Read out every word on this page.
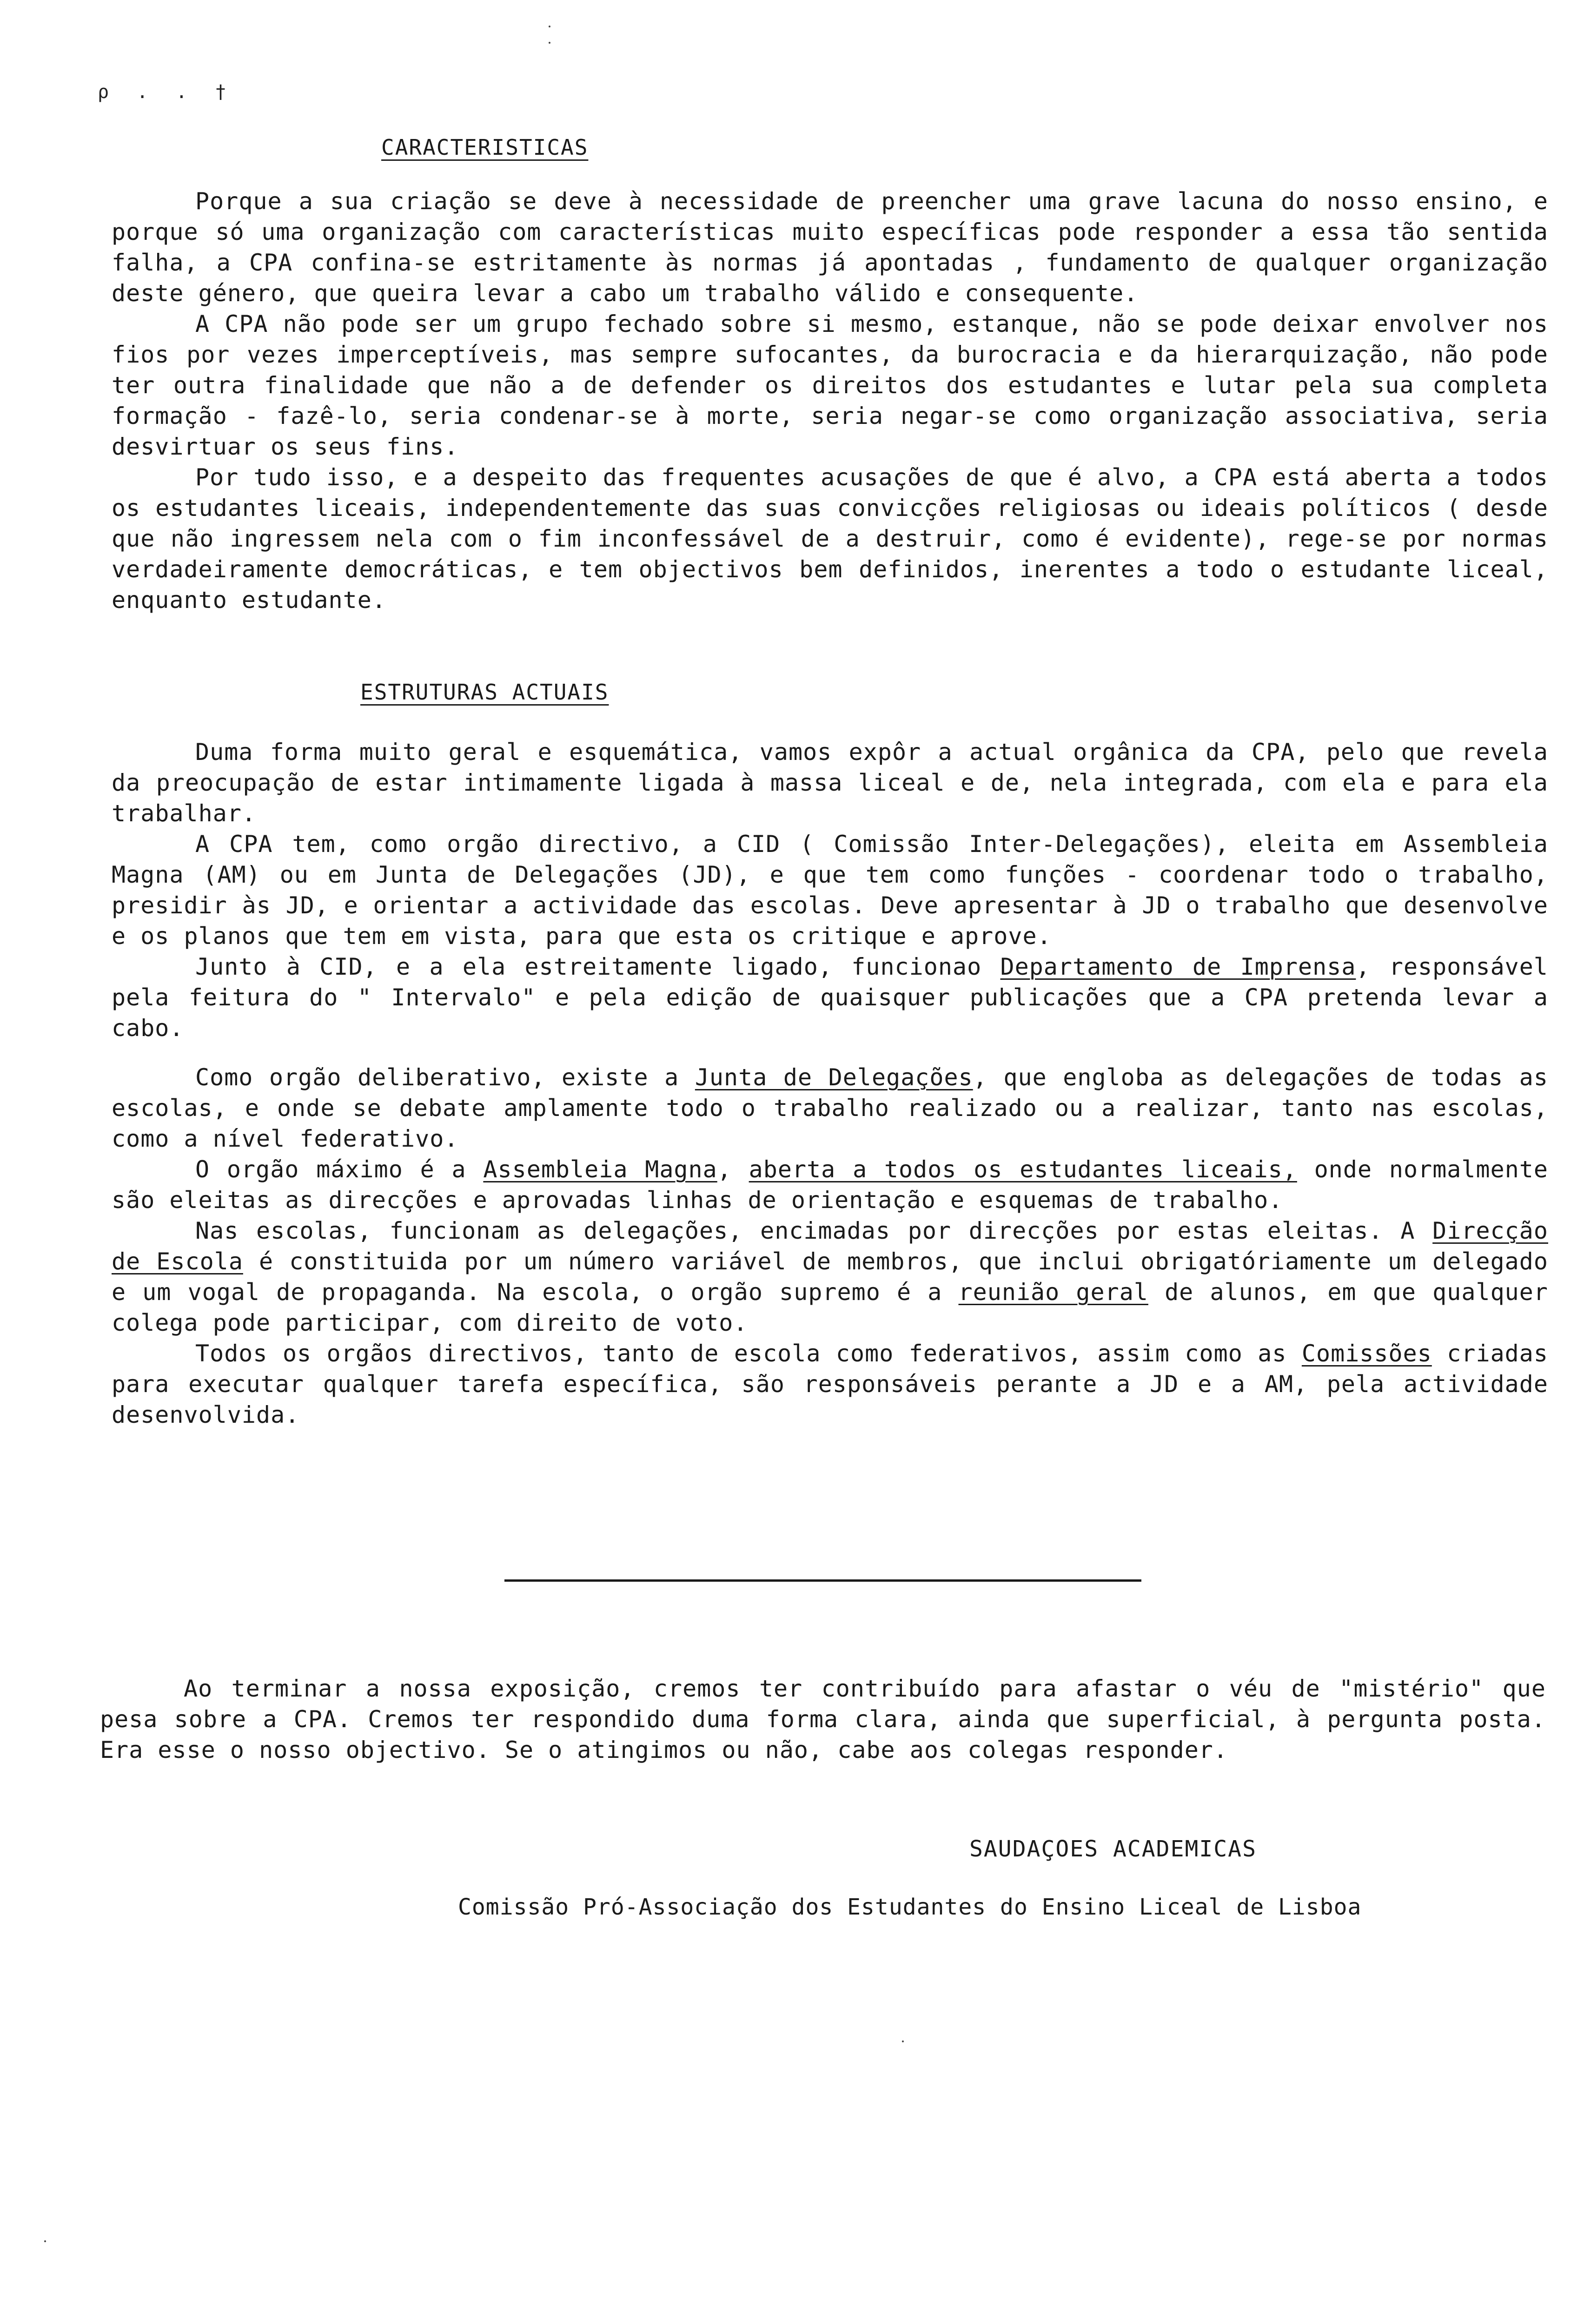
ρ . . †
CARACTERISTICAS

Porque a sua criação se deve à necessidade de preencher uma grave lacuna do nosso ensino, e porque só uma organização com características muito específicas pode responder a essa tão sentida falha, a CPA confina-se estritamente às normas já apontadas , fundamento de qualquer organização deste género, que queira levar a cabo um trabalho válido e consequente.

A CPA não pode ser um grupo fechado sobre si mesmo, estanque, não se pode deixar envolver nos fios por vezes imperceptíveis, mas sempre sufocantes, da burocracia e da hierarquização, não pode ter outra finalidade que não a de defender os direitos dos estudantes e lutar pela sua completa formação - fazê-lo, seria condenar-se à morte, seria negar-se como organização associativa, seria desvirtuar os seus fins.

Por tudo isso, e a despeito das frequentes acusações de que é alvo, a CPA está aberta a todos os estudantes liceais, independentemente das suas convicções religiosas ou ideais políticos ( desde que não ingressem nela com o fim inconfessável de a destruir, como é evidente), rege-se por normas verdadeiramente democráticas, e tem objectivos bem definidos, inerentes a todo o estudante liceal, enquanto estudante.

ESTRUTURAS ACTUAIS

Duma forma muito geral e esquemática, vamos expôr a actual orgânica da CPA, pelo que revela da preocupação de estar intimamente ligada à massa liceal e de, nela integrada, com ela e para ela trabalhar.

A CPA tem, como orgão directivo, a CID ( Comissão Inter-Delegações), eleita em Assembleia Magna (AM) ou em Junta de Delegações (JD), e que tem como funções - coordenar todo o trabalho, presidir às JD, e orientar a actividade das escolas. Deve apresentar à JD o trabalho que desenvolve e os planos que tem em vista, para que esta os critique e aprove.

Junto à CID, e a ela estreitamente ligado, funcionao Departamento de Imprensa, responsável pela feitura do " Intervalo" e pela edição de quaisquer publicações que a CPA pretenda levar a cabo.

Como orgão deliberativo, existe a Junta de Delegações, que engloba as delegações de todas as escolas, e onde se debate amplamente todo o trabalho realizado ou a realizar, tanto nas escolas, como a nível federativo.

O orgão máximo é a Assembleia Magna, aberta a todos os estudantes liceais, onde normalmente são eleitas as direcções e aprovadas linhas de orientação e esquemas de trabalho.

Nas escolas, funcionam as delegações, encimadas por direcções por estas eleitas. A Direcção de Escola é constituida por um número variável de membros, que inclui obrigatóriamente um delegado e um vogal de propaganda. Na escola, o orgão supremo é a reunião geral de alunos, em que qualquer colega pode participar, com direito de voto.

Todos os orgãos directivos, tanto de escola como federativos, assim como as Comissões criadas para executar qualquer tarefa específica, são responsáveis perante a JD e a AM, pela actividade desenvolvida.

Ao terminar a nossa exposição, cremos ter contribuído para afastar o véu de "mistério" que pesa sobre a CPA. Cremos ter respondido duma forma clara, ainda que superficial, à pergunta posta. Era esse o nosso objectivo. Se o atingimos ou não, cabe aos colegas responder.

SAUDAÇOES ACADEMICAS
Comissão Pró-Associação dos Estudantes do Ensino Liceal de Lisboa
